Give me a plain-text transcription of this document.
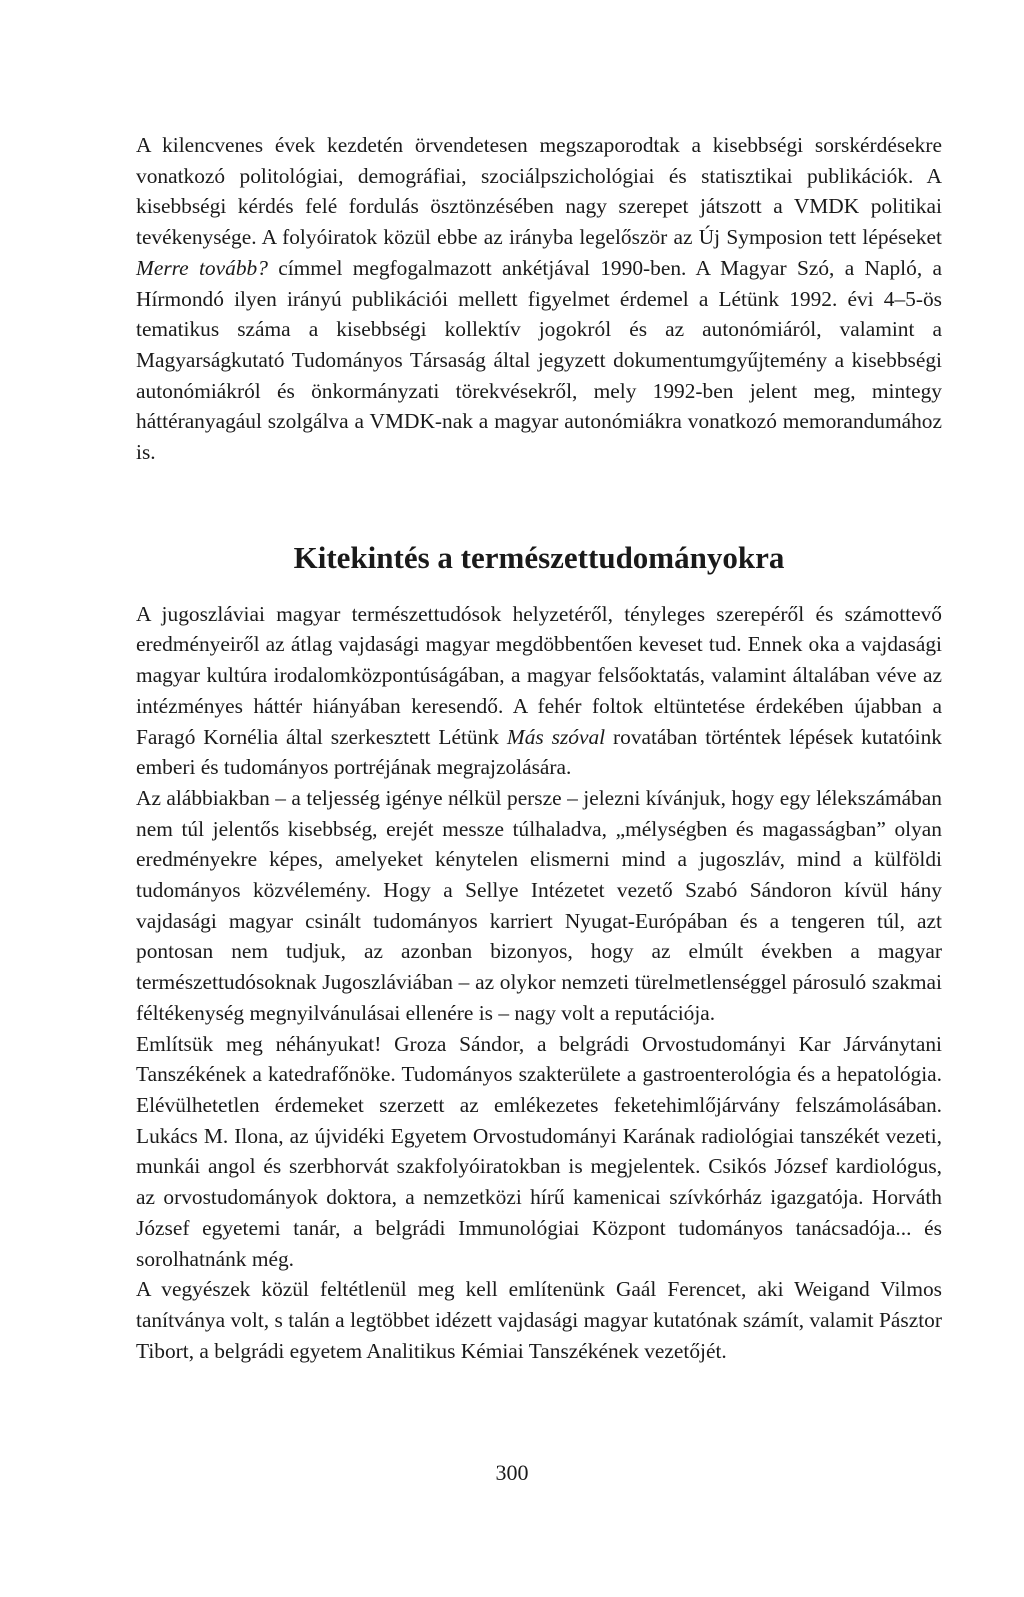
A kilencvenes évek kezdetén örvendetesen megszaporodtak a kisebbségi sorskérdésekre vonatkozó politológiai, demográfiai, szociálpszichológiai és statisztikai publikációk. A kisebbségi kérdés felé fordulás ösztönzésében nagy szerepet játszott a VMDK politikai tevékenysége. A folyóiratok közül ebbe az irányba legelőször az Új Symposion tett lépéseket Merre tovább? címmel megfogalmazott ankétjával 1990-ben. A Magyar Szó, a Napló, a Hírmondó ilyen irányú publikációi mellett figyelmet érdemel a Létünk 1992. évi 4–5-ös tematikus száma a kisebbségi kollektív jogokról és az autonómiáról, valamint a Magyarságkutató Tudományos Társaság által jegyzett dokumentumgyűjtemény a kisebbségi autonómiákról és önkormányzati törekvésekről, mely 1992-ben jelent meg, mintegy háttéranyagául szolgálva a VMDK-nak a magyar autonómiákra vonatkozó memorandumához is.

Kitekintés a természettudományokra

A jugoszláviai magyar természettudósok helyzetéről, tényleges szerepéről és számottevő eredményeiről az átlag vajdasági magyar megdöbbentően keveset tud. Ennek oka a vajdasági magyar kultúra irodalomközpontúságában, a magyar felsőoktatás, valamint általában véve az intézményes háttér hiányában keresendő. A fehér foltok eltüntetése érdekében újabban a Faragó Kornélia által szerkesztett Létünk Más szóval rovatában történtek lépések kutatóink emberi és tudományos portréjának megrajzolására.

Az alábbiakban – a teljesség igénye nélkül persze – jelezni kívánjuk, hogy egy lélekszámában nem túl jelentős kisebbség, erejét messze túlhaladva, „mélységben és magasságban” olyan eredményekre képes, amelyeket kénytelen elismerni mind a jugoszláv, mind a külföldi tudományos közvélemény. Hogy a Sellye Intézetet vezető Szabó Sándoron kívül hány vajdasági magyar csinált tudományos karriert Nyugat-Európában és a tengeren túl, azt pontosan nem tudjuk, az azonban bizonyos, hogy az elmúlt években a magyar természettudósoknak Jugoszláviában – az olykor nemzeti türelmetlenséggel párosuló szakmai féltékenység megnyilvánulásai ellenére is – nagy volt a reputációja.

Említsük meg néhányukat! Groza Sándor, a belgrádi Orvostudományi Kar Járványtani Tanszékének a katedrafőnöke. Tudományos szakterülete a gastroenterológia és a hepatológia. Elévülhetetlen érdemeket szerzett az emlékezetes feketehimlőjárvány felszámolásában. Lukács M. Ilona, az újvidéki Egyetem Orvostudományi Karának radiológiai tanszékét vezeti, munkái angol és szerbhorvát szakfolyóiratokban is megjelentek. Csikós József kardiológus, az orvostudományok doktora, a nemzetközi hírű kamenicai szívkórház igazgatója. Horváth József egyetemi tanár, a belgrádi Immunológiai Központ tudományos tanácsadója... és sorolhatnánk még.

A vegyészek közül feltétlenül meg kell említenünk Gaál Ferencet, aki Weigand Vilmos tanítványa volt, s talán a legtöbbet idézett vajdasági magyar kutatónak számít, valamit Pásztor Tibort, a belgrádi egyetem Analitikus Kémiai Tanszékének vezetőjét.

300
